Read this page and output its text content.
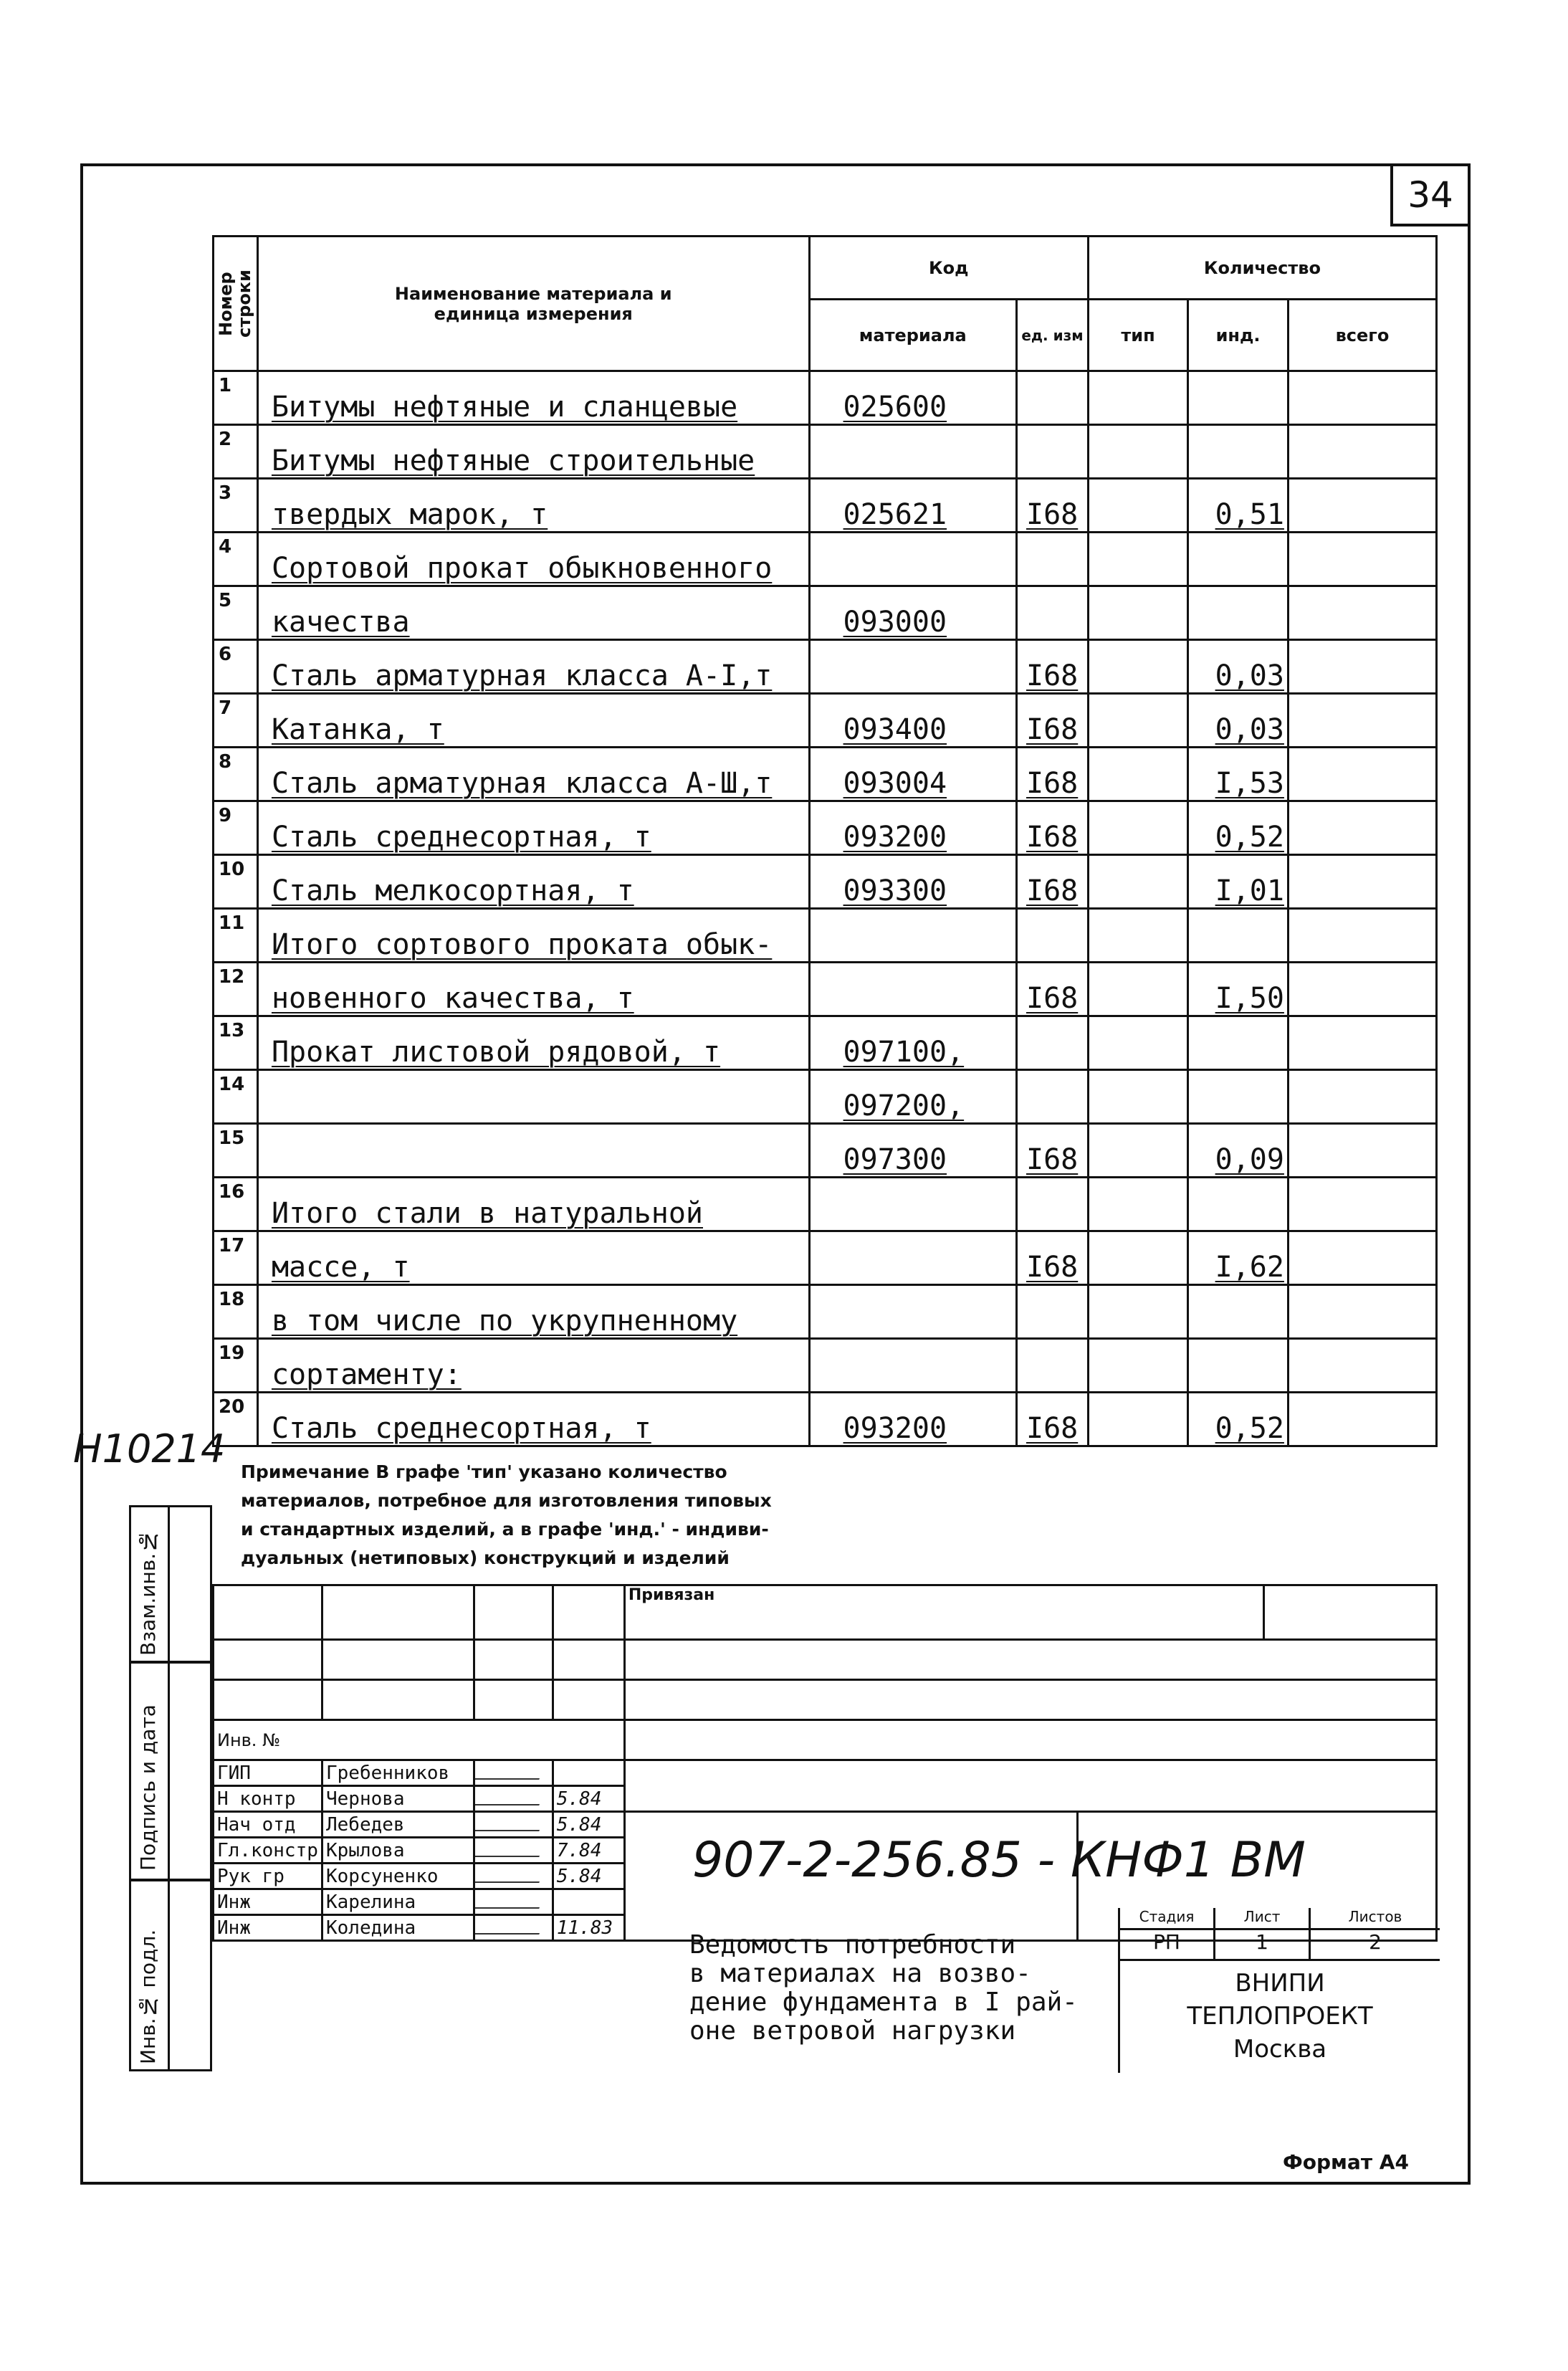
34
H10214
Номер строки	Наименование материала и единица измерения	Код		Количество		
		материала	ед. изм	тип	инд.	всего
1	Битумы нефтяные и сланцевые	025600				
2	Битумы нефтяные строительные					
3	твердых марок, т	025621	I68		0,51	
4	Сортовой прокат обыкновенного					
5	качества	093000				
6	Сталь арматурная класса А-I,т		I68		0,03	
7	Катанка, т	093400	I68		0,03	
8	Сталь арматурная класса А-Ш,т	093004	I68		I,53	
9	Сталь среднесортная, т	093200	I68		0,52	
10	Сталь мелкосортная, т	093300	I68		I,01	
11	Итого сортового проката обык-					
12	новенного качества, т		I68		I,50	
13	Прокат листовой рядовой, т	097100,				
14		097200,				
15		097300	I68		0,09	
16	Итого стали в натуральной					
17	массе, т		I68		I,62	
18	в том числе по укрупненному					
19	сортаменту:					
20	Сталь среднесортная, т	093200	I68		0,52	
Примечание В графе 'тип' указано количество
материалов, потребное для изготовления типовых
и стандартных изделий, а в графе 'инд.' - индиви-
дуальных (нетиповых) конструкций и изделий
				Привязан		

Инв. №						
ГИП	Гребенников					
Н контр	Чернова		5.84			
Нач отд	Лебедев		5.84			
Гл.констр	Крылова		7.84			
Рук гр	Корсуненко		5.84			
Инж	Карелина					
Инж	Коледина		11.83			
907-2-256.85 - КНФ1 ВМ
Ведомость потребности
в материалах на возво-
дение фундамента в I рай-
оне ветровой нагрузки
Стадия	Лист	Листов
РП	1	2
ВНИПИ
ТЕПЛОПРОЕКТ
Москва
Взам.инв.№
Подпись и дата
Инв.№ подл.
Формат А4
